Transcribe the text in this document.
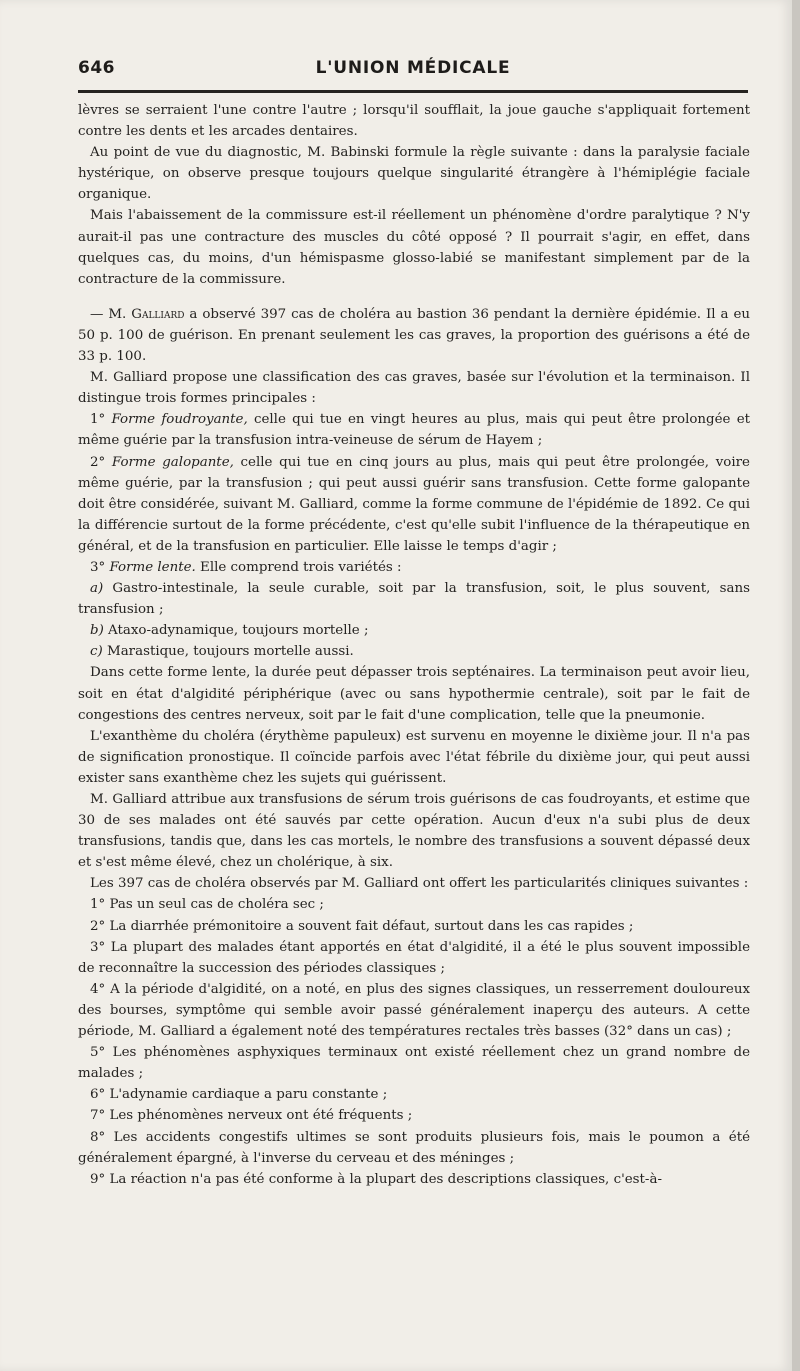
646	L'UNION MÉDICALE

lèvres se serraient l'une contre l'autre ; lorsqu'il soufflait, la joue gauche s'appliquait fortement contre les dents et les arcades dentaires.

Au point de vue du diagnostic, M. Babinski formule la règle suivante : dans la paralysie faciale hystérique, on observe presque toujours quelque singularité étrangère à l'hémiplégie faciale organique.

Mais l'abaissement de la commissure est-il réellement un phénomène d'ordre paralytique ? N'y aurait-il pas une contracture des muscles du côté opposé ? Il pourrait s'agir, en effet, dans quelques cas, du moins, d'un hémispasme glosso-labié se manifestant simplement par de la contracture de la commissure.

— M. Galliard a observé 397 cas de choléra au bastion 36 pendant la dernière épidémie. Il a eu 50 p. 100 de guérison. En prenant seulement les cas graves, la proportion des guérisons a été de 33 p. 100.

M. Galliard propose une classification des cas graves, basée sur l'évolution et la terminaison. Il distingue trois formes principales :

1° Forme foudroyante, celle qui tue en vingt heures au plus, mais qui peut être prolongée et même guérie par la transfusion intra-veineuse de sérum de Hayem ;

2° Forme galopante, celle qui tue en cinq jours au plus, mais qui peut être prolongée, voire même guérie, par la transfusion ; qui peut aussi guérir sans transfusion. Cette forme galopante doit être considérée, suivant M. Galliard, comme la forme commune de l'épidémie de 1892. Ce qui la différencie surtout de la forme précédente, c'est qu'elle subit l'influence de la thérapeutique en général, et de la transfusion en particulier. Elle laisse le temps d'agir ;

3° Forme lente. Elle comprend trois variétés :

a) Gastro-intestinale, la seule curable, soit par la transfusion, soit, le plus souvent, sans transfusion ;

b) Ataxo-adynamique, toujours mortelle ;

c) Marastique, toujours mortelle aussi.

Dans cette forme lente, la durée peut dépasser trois septénaires. La terminaison peut avoir lieu, soit en état d'algidité périphérique (avec ou sans hypothermie centrale), soit par le fait de congestions des centres nerveux, soit par le fait d'une complication, telle que la pneumonie.

L'exanthème du choléra (érythème papuleux) est survenu en moyenne le dixième jour. Il n'a pas de signification pronostique. Il coïncide parfois avec l'état fébrile du dixième jour, qui peut aussi exister sans exanthème chez les sujets qui guérissent.

M. Galliard attribue aux transfusions de sérum trois guérisons de cas foudroyants, et estime que 30 de ses malades ont été sauvés par cette opération. Aucun d'eux n'a subi plus de deux transfusions, tandis que, dans les cas mortels, le nombre des transfusions a souvent dépassé deux et s'est même élevé, chez un cholérique, à six.

Les 397 cas de choléra observés par M. Galliard ont offert les particularités cliniques suivantes :

1° Pas un seul cas de choléra sec ;

2° La diarrhée prémonitoire a souvent fait défaut, surtout dans les cas rapides ;

3° La plupart des malades étant apportés en état d'algidité, il a été le plus souvent impossible de reconnaître la succession des périodes classiques ;

4° A la période d'algidité, on a noté, en plus des signes classiques, un resserrement douloureux des bourses, symptôme qui semble avoir passé généralement inaperçu des auteurs. A cette période, M. Galliard a également noté des températures rectales très basses (32° dans un cas) ;

5° Les phénomènes asphyxiques terminaux ont existé réellement chez un grand nombre de malades ;

6° L'adynamie cardiaque a paru constante ;

7° Les phénomènes nerveux ont été fréquents ;

8° Les accidents congestifs ultimes se sont produits plusieurs fois, mais le poumon a été généralement épargné, à l'inverse du cerveau et des méninges ;

9° La réaction n'a pas été conforme à la plupart des descriptions classiques, c'est-à-
